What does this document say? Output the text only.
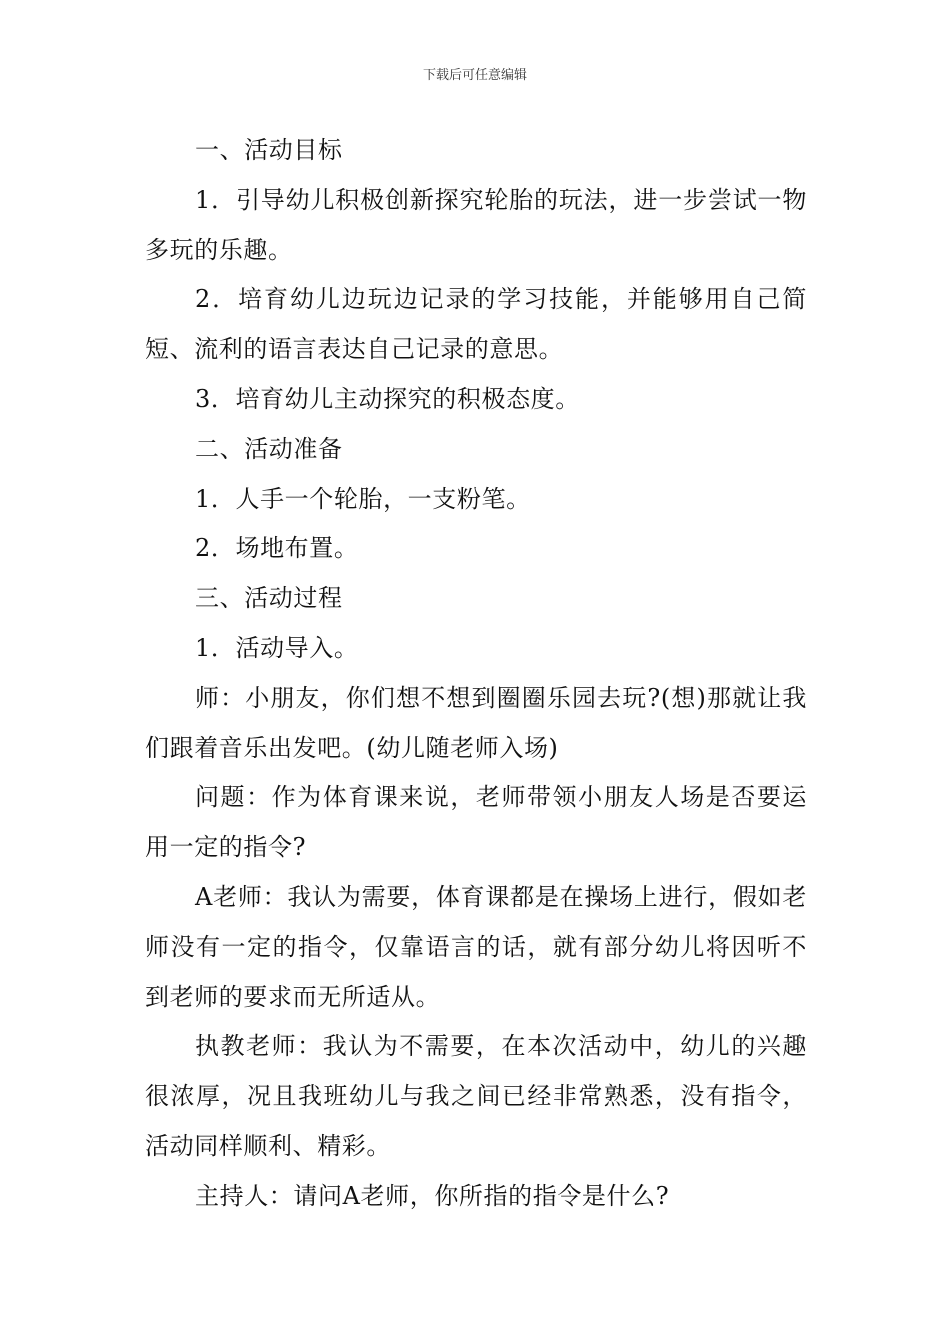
下载后可任意编辑

一、活动目标

1．引导幼儿积极创新探究轮胎的玩法，进一步尝试一物多玩的乐趣。

2．培育幼儿边玩边记录的学习技能，并能够用自己简短、流利的语言表达自己记录的意思。

3．培育幼儿主动探究的积极态度。

二、活动准备

1．人手一个轮胎，一支粉笔。

2．场地布置。

三、活动过程

1．活动导入。

师：小朋友，你们想不想到圈圈乐园去玩?(想)那就让我们跟着音乐出发吧。(幼儿随老师入场)

问题：作为体育课来说，老师带领小朋友人场是否要运用一定的指令?

A老师：我认为需要，体育课都是在操场上进行，假如老师没有一定的指令，仅靠语言的话，就有部分幼儿将因听不到老师的要求而无所适从。

执教老师：我认为不需要，在本次活动中，幼儿的兴趣很浓厚，况且我班幼儿与我之间已经非常熟悉，没有指令，活动同样顺利、精彩。

主持人：请问A老师，你所指的指令是什么?
